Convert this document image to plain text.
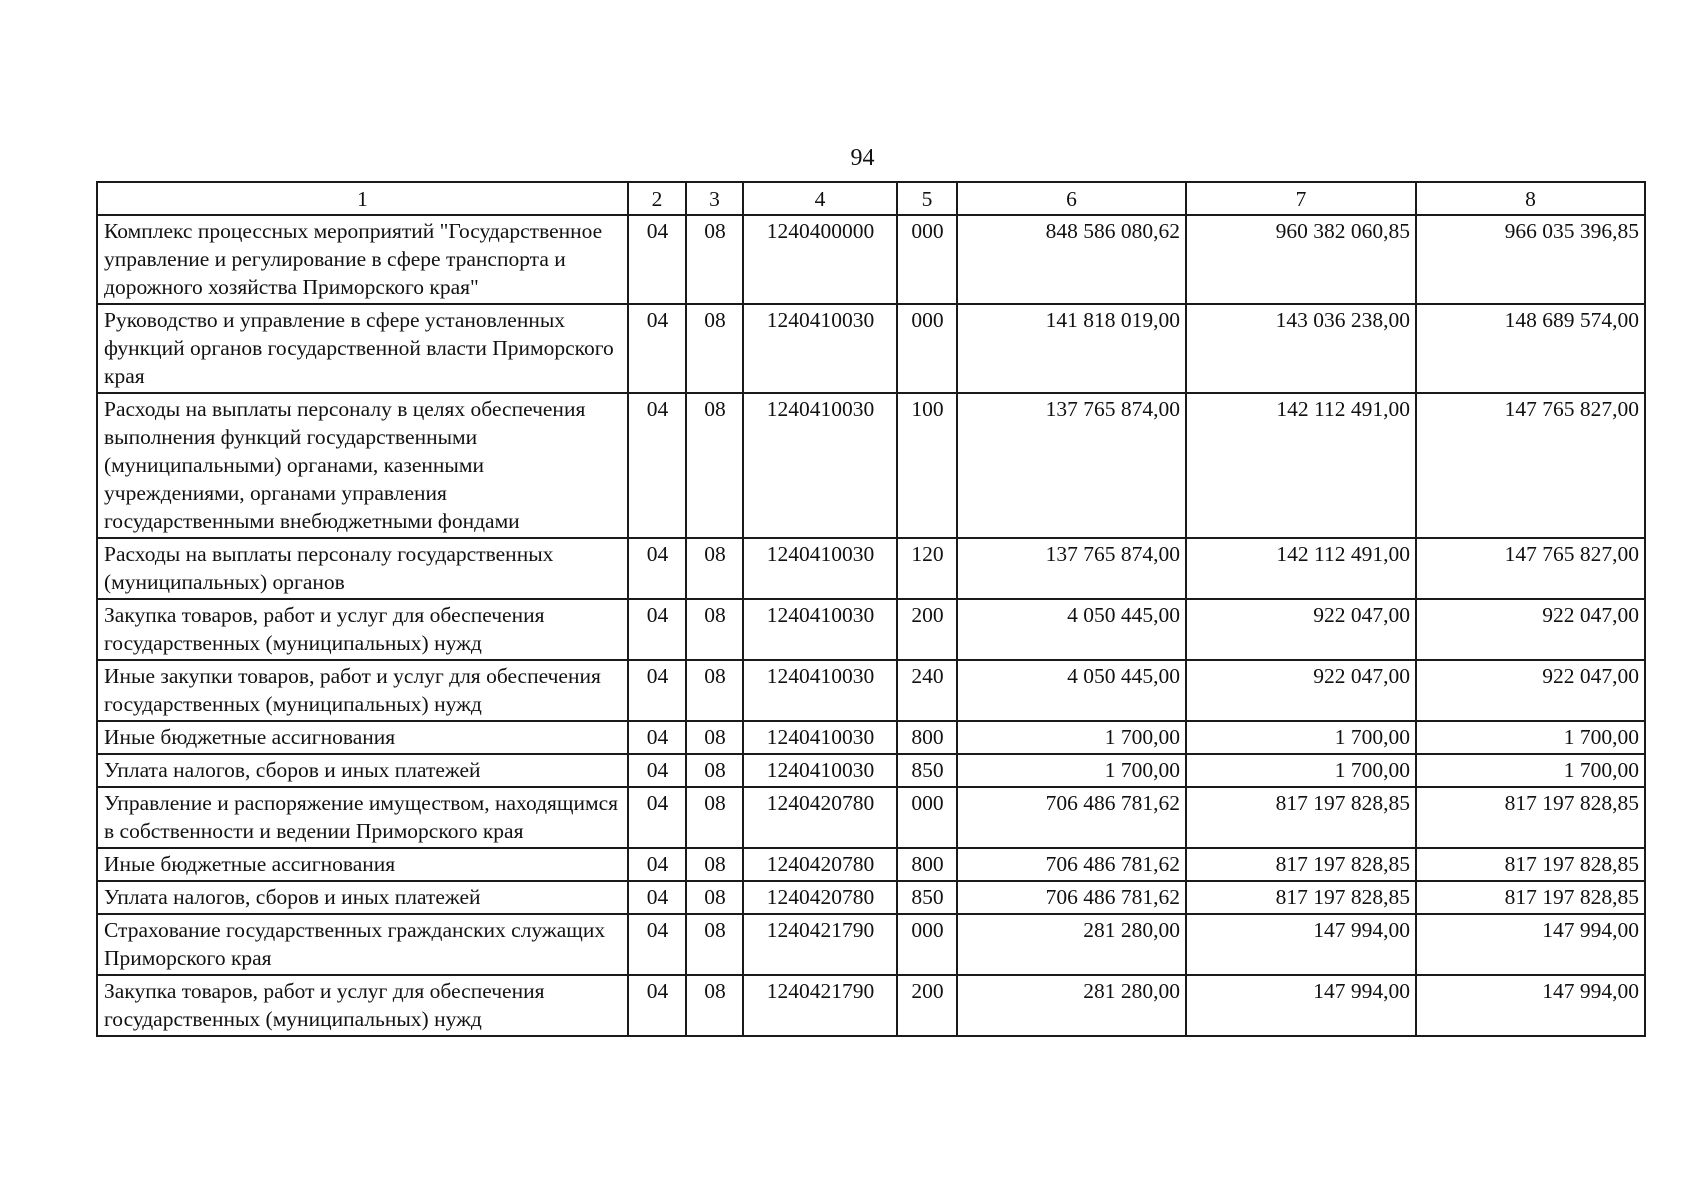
94
1	2	3	4	5	6	7	8
Комплекс процессных мероприятий "Государственное управление и регулирование в сфере транспорта и дорожного хозяйства Приморского края"	04	08	1240400000	000	848 586 080,62	960 382 060,85	966 035 396,85
Руководство и управление в сфере установленных функций органов государственной власти Приморского края	04	08	1240410030	000	141 818 019,00	143 036 238,00	148 689 574,00
Расходы на выплаты персоналу в целях обеспечения выполнения функций государственными (муниципальными) органами, казенными учреждениями, органами управления государственными внебюджетными фондами	04	08	1240410030	100	137 765 874,00	142 112 491,00	147 765 827,00
Расходы на выплаты персоналу государственных (муниципальных) органов	04	08	1240410030	120	137 765 874,00	142 112 491,00	147 765 827,00
Закупка товаров, работ и услуг для обеспечения государственных (муниципальных) нужд	04	08	1240410030	200	4 050 445,00	922 047,00	922 047,00
Иные закупки товаров, работ и услуг для обеспечения государственных (муниципальных) нужд	04	08	1240410030	240	4 050 445,00	922 047,00	922 047,00
Иные бюджетные ассигнования	04	08	1240410030	800	1 700,00	1 700,00	1 700,00
Уплата налогов, сборов и иных платежей	04	08	1240410030	850	1 700,00	1 700,00	1 700,00
Управление и распоряжение имуществом, находящимся в собственности и ведении Приморского края	04	08	1240420780	000	706 486 781,62	817 197 828,85	817 197 828,85
Иные бюджетные ассигнования	04	08	1240420780	800	706 486 781,62	817 197 828,85	817 197 828,85
Уплата налогов, сборов и иных платежей	04	08	1240420780	850	706 486 781,62	817 197 828,85	817 197 828,85
Страхование государственных гражданских служащих Приморского края	04	08	1240421790	000	281 280,00	147 994,00	147 994,00
Закупка товаров, работ и услуг для обеспечения государственных (муниципальных) нужд	04	08	1240421790	200	281 280,00	147 994,00	147 994,00
